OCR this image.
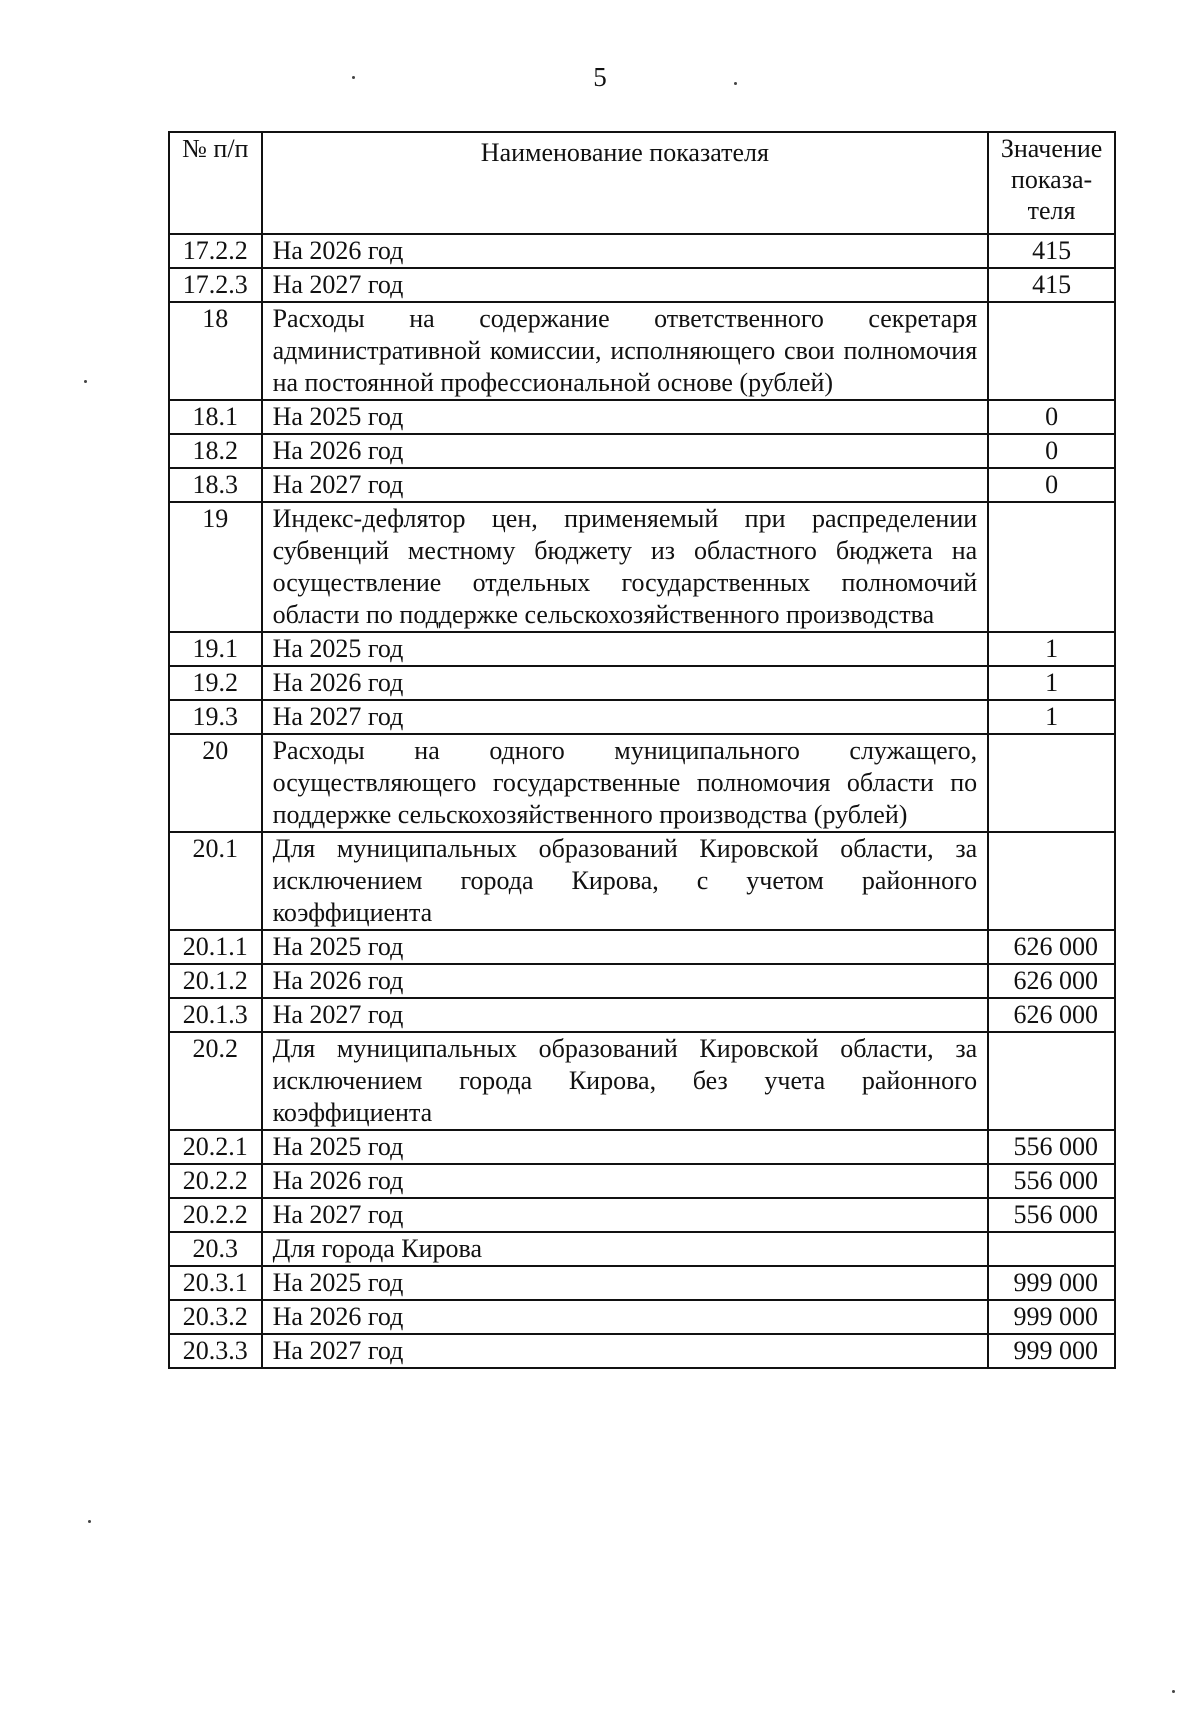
5
№ п/п	Наименование показателя	Значение показа- теля
17.2.2	На 2026 год	415
17.2.3	На 2027 год	415
18	Расходы на содержание ответственного секретаря административной комиссии, исполняющего свои полномочия на постоянной профессиональной основе (рублей)	
18.1	На 2025 год	0
18.2	На 2026 год	0
18.3	На 2027 год	0
19	Индекс-дефлятор цен, применяемый при распределении субвенций местному бюджету из областного бюджета на осуществление отдельных государственных полномочий области по поддержке сельскохозяйственного производства	
19.1	На 2025 год	1
19.2	На 2026 год	1
19.3	На 2027 год	1
20	Расходы на одного муниципального служащего, осуществляющего государственные полномочия области по поддержке сельскохозяйственного производства (рублей)	
20.1	Для муниципальных образований Кировской области, за исключением города Кирова, с учетом районного коэффициента	
20.1.1	На 2025 год	626 000
20.1.2	На 2026 год	626 000
20.1.3	На 2027 год	626 000
20.2	Для муниципальных образований Кировской области, за исключением города Кирова, без учета районного коэффициента	
20.2.1	На 2025 год	556 000
20.2.2	На 2026 год	556 000
20.2.2	На 2027 год	556 000
20.3	Для города Кирова	
20.3.1	На 2025 год	999 000
20.3.2	На 2026 год	999 000
20.3.3	На 2027 год	999 000
